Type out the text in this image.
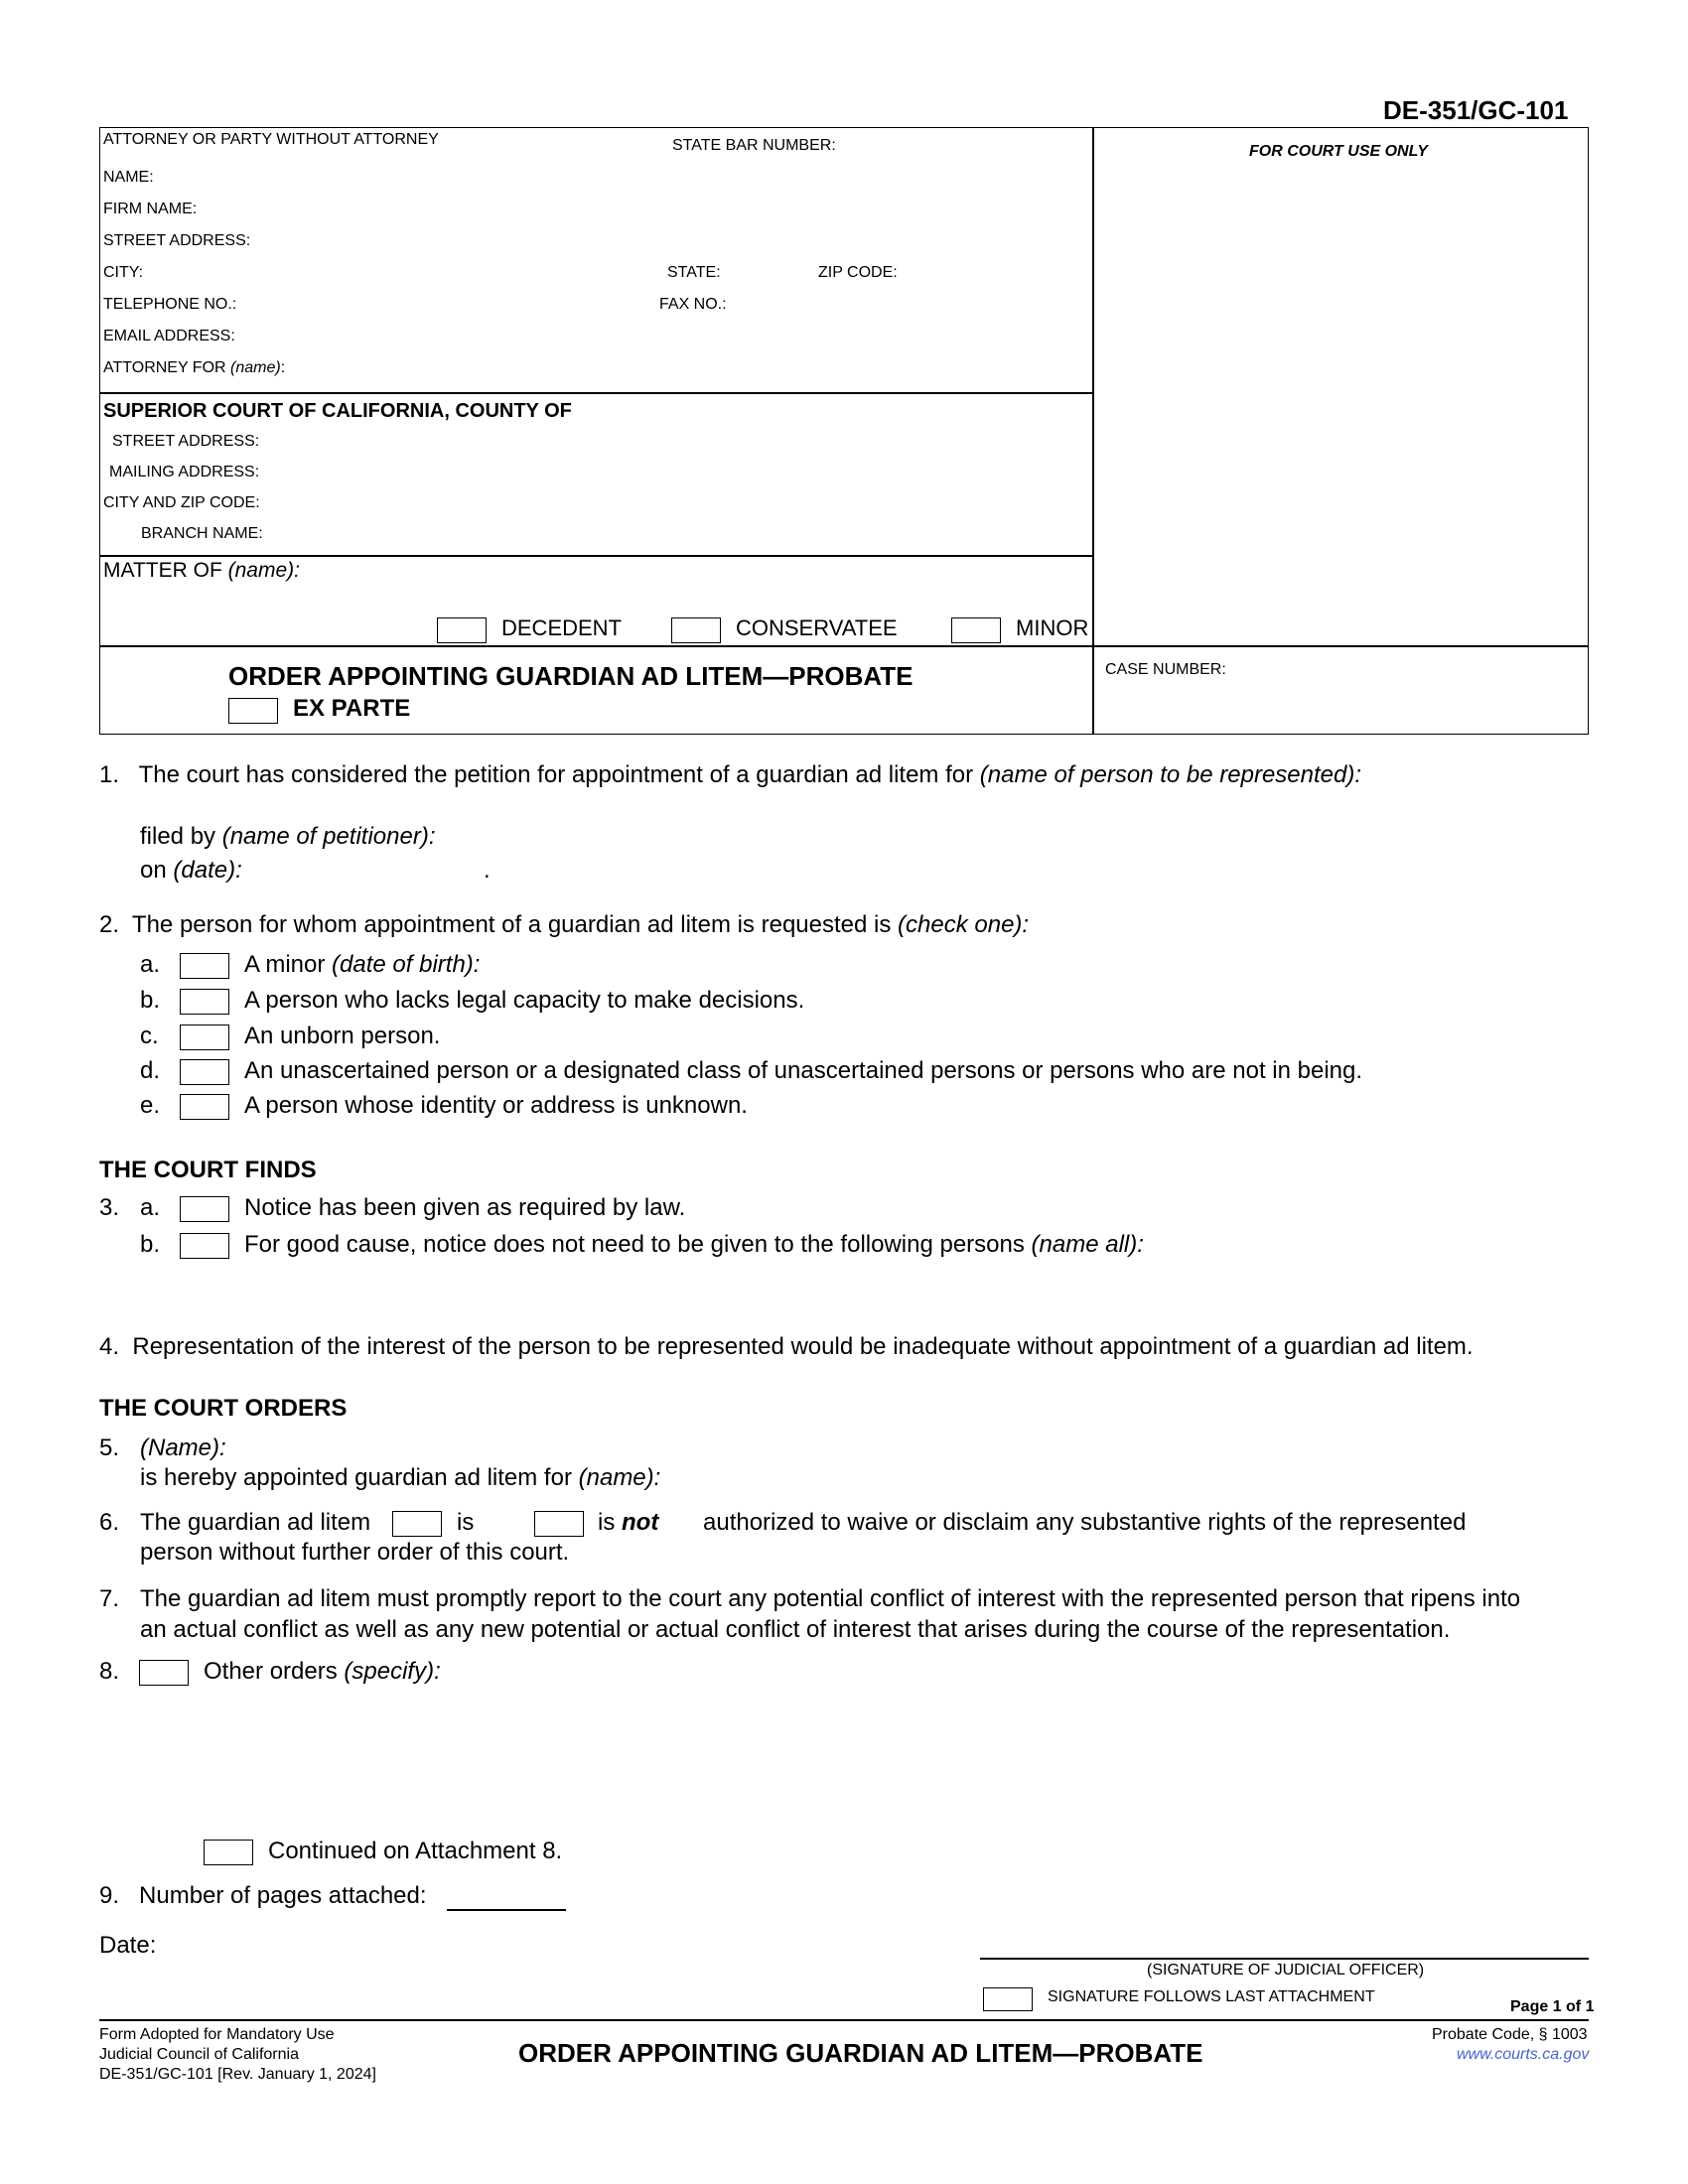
DE-351/GC-101
ATTORNEY OR PARTY WITHOUT ATTORNEY	STATE BAR NUMBER:
NAME:
FIRM NAME:
STREET ADDRESS:
CITY:	STATE:	ZIP CODE:
TELEPHONE NO.:	FAX NO.:
EMAIL ADDRESS:
ATTORNEY FOR (name):
FOR COURT USE ONLY
SUPERIOR COURT OF CALIFORNIA, COUNTY OF
STREET ADDRESS:
MAILING ADDRESS:
CITY AND ZIP CODE:
BRANCH NAME:
MATTER OF (name):
DECEDENT	CONSERVATEE	MINOR
ORDER APPOINTING GUARDIAN AD LITEM—PROBATE
EX PARTE
CASE NUMBER:
1. The court has considered the petition for appointment of a guardian ad litem for (name of person to be represented):
filed by (name of petitioner):
on (date):	.
2. The person for whom appointment of a guardian ad litem is requested is (check one):
a.	A minor (date of birth):
b.	A person who lacks legal capacity to make decisions.
c.	An unborn person.
d.	An unascertained person or a designated class of unascertained persons or persons who are not in being.
e.	A person whose identity or address is unknown.
THE COURT FINDS
3. a.	Notice has been given as required by law.
b.	For good cause, notice does not need to be given to the following persons (name all):
4. Representation of the interest of the person to be represented would be inadequate without appointment of a guardian ad litem.
THE COURT ORDERS
5. (Name):
is hereby appointed guardian ad litem for (name):
6. The guardian ad litem	is	is not authorized to waive or disclaim any substantive rights of the represented
person without further order of this court.
7. The guardian ad litem must promptly report to the court any potential conflict of interest with the represented person that ripens into
an actual conflict as well as any new potential or actual conflict of interest that arises during the course of the representation.
8.	Other orders (specify):
Continued on Attachment 8.
9. Number of pages attached:
Date:
(SIGNATURE OF JUDICIAL OFFICER)
SIGNATURE FOLLOWS LAST ATTACHMENT
Page 1 of 1
Form Adopted for Mandatory Use
Judicial Council of California
DE-351/GC-101 [Rev. January 1, 2024]
ORDER APPOINTING GUARDIAN AD LITEM—PROBATE
Probate Code, § 1003
www.courts.ca.gov
